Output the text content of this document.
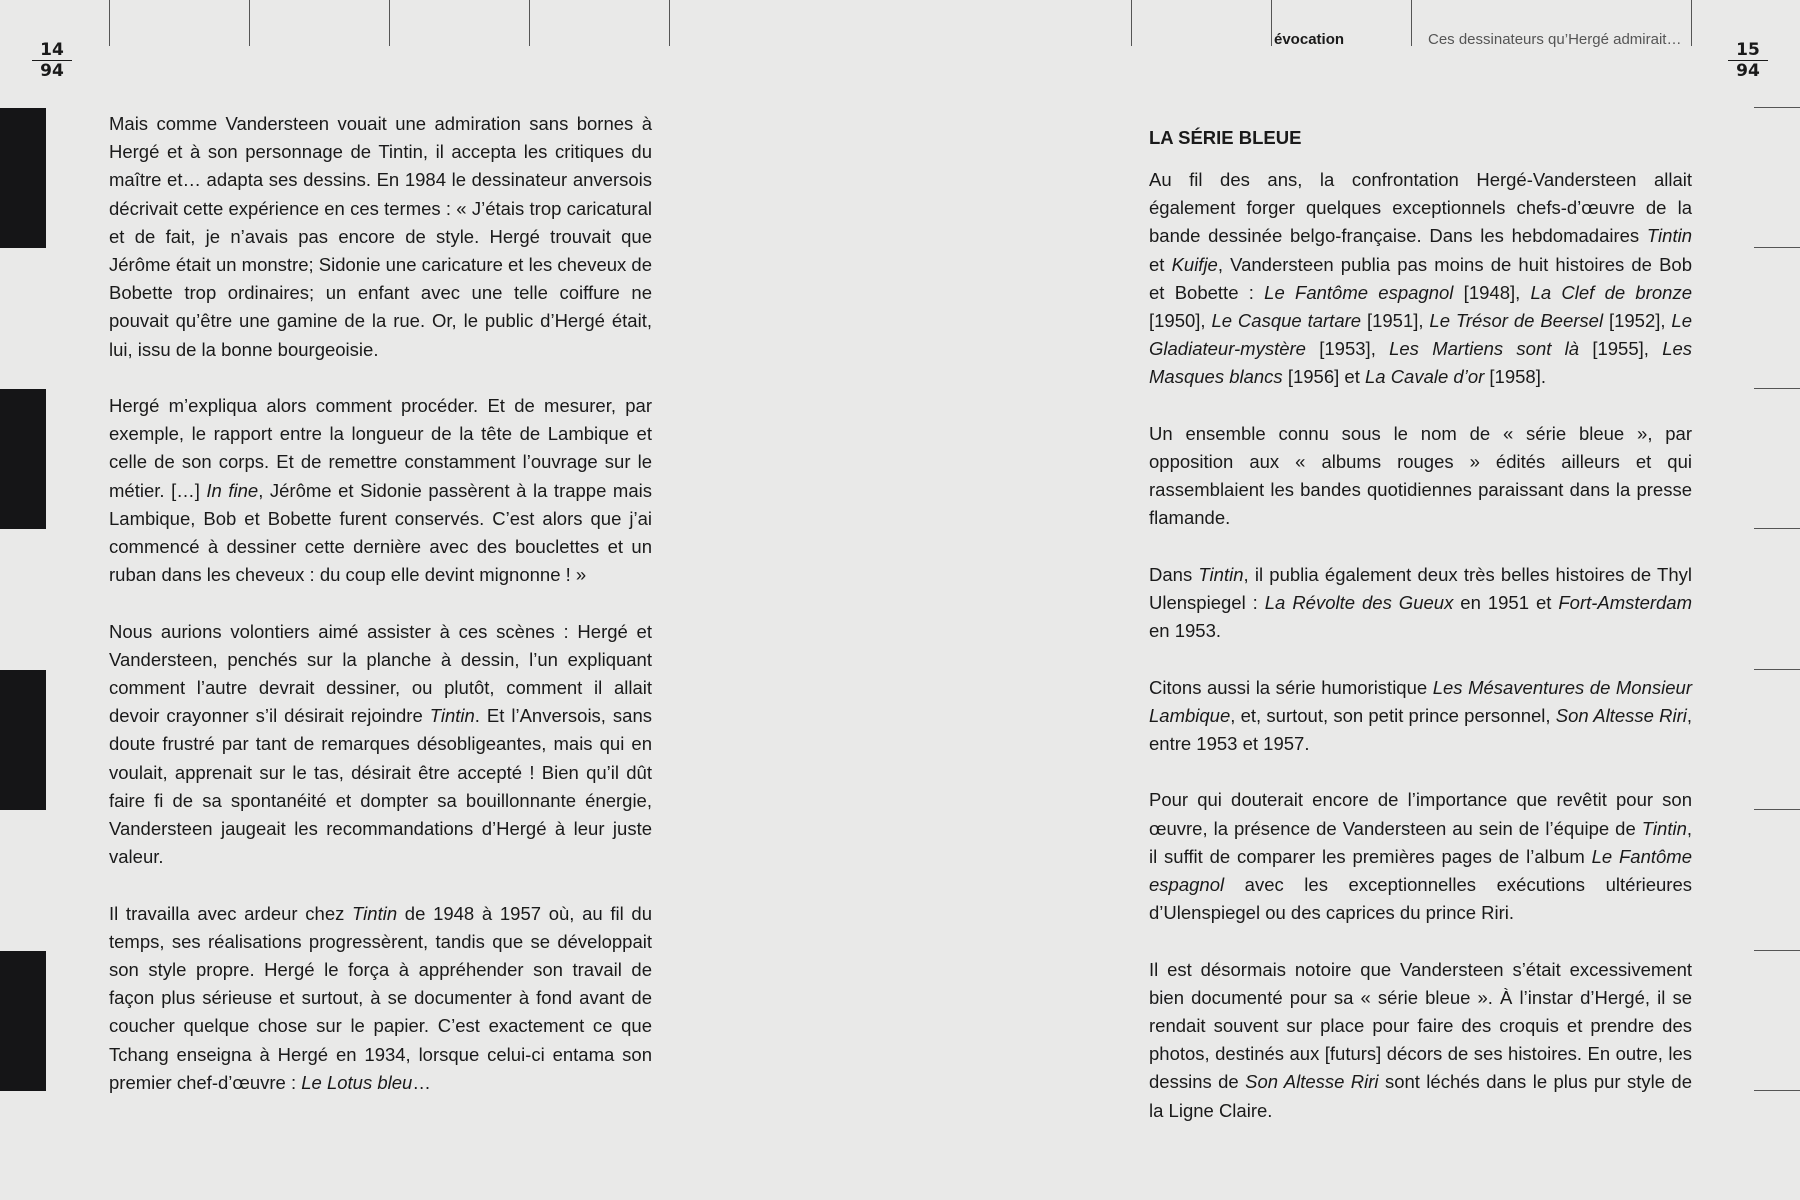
14
94
15
94
évocation	Ces dessinateurs qu’Hergé admirait…

Mais comme Vandersteen vouait une admiration sans bornes à Hergé et à son personnage de Tintin, il accepta les critiques du maître et… adapta ses dessins. En 1984 le dessinateur anversois décrivait cette expérience en ces termes : « J’étais trop caricatural et de fait, je n’avais pas encore de style. Hergé trouvait que Jérôme était un monstre; Sidonie une caricature et les cheveux de Bobette trop ordinaires; un enfant avec une telle coiffure ne pouvait qu’être une gamine de la rue. Or, le public d’Hergé était, lui, issu de la bonne bourgeoisie.

Hergé m’expliqua alors comment procéder. Et de mesurer, par exemple, le rapport entre la longueur de la tête de Lambique et celle de son corps. Et de remettre constamment l’ouvrage sur le métier. […] In fine, Jérôme et Sidonie passèrent à la trappe mais Lambique, Bob et Bobette furent conservés. C’est alors que j’ai commencé à dessiner cette dernière avec des bouclettes et un ruban dans les cheveux : du coup elle devint mignonne ! »

Nous aurions volontiers aimé assister à ces scènes : Hergé et Vandersteen, penchés sur la planche à dessin, l’un expliquant comment l’autre devrait dessiner, ou plutôt, comment il allait devoir crayonner s’il désirait rejoindre Tintin. Et l’Anversois, sans doute frustré par tant de remarques désobligeantes, mais qui en voulait, apprenait sur le tas, désirait être accepté ! Bien qu’il dût faire fi de sa spontanéité et dompter sa bouillonnante énergie, Vandersteen jaugeait les recommandations d’Hergé à leur juste valeur.

Il travailla avec ardeur chez Tintin de 1948 à 1957 où, au fil du temps, ses réalisations progressèrent, tandis que se développait son style propre. Hergé le força à appréhender son travail de façon plus sérieuse et surtout, à se documenter à fond avant de coucher quelque chose sur le papier. C’est exactement ce que Tchang enseigna à Hergé en 1934, lorsque celui-ci entama son premier chef-d’œuvre : Le Lotus bleu…

LA SÉRIE BLEUE

Au fil des ans, la confrontation Hergé-Vandersteen allait également forger quelques exceptionnels chefs-d’œuvre de la bande dessinée belgo-française. Dans les hebdomadaires Tintin et Kuifje, Vandersteen publia pas moins de huit histoires de Bob et Bobette : Le Fantôme espagnol [1948], La Clef de bronze [1950], Le Casque tartare [1951], Le Trésor de Beersel [1952], Le Gladiateur-mystère [1953], Les Martiens sont là [1955], Les Masques blancs [1956] et La Cavale d’or [1958].

Un ensemble connu sous le nom de « série bleue », par opposition aux « albums rouges » édités ailleurs et qui rassemblaient les bandes quotidiennes paraissant dans la presse flamande.

Dans Tintin, il publia également deux très belles histoires de Thyl Ulenspiegel : La Révolte des Gueux en 1951 et Fort-Amsterdam en 1953.

Citons aussi la série humoristique Les Mésaventures de Monsieur Lambique, et, surtout, son petit prince personnel, Son Altesse Riri, entre 1953 et 1957.

Pour qui douterait encore de l’importance que revêtit pour son œuvre, la présence de Vandersteen au sein de l’équipe de Tintin, il suffit de comparer les premières pages de l’album Le Fantôme espagnol avec les exceptionnelles exécutions ultérieures d’Ulenspiegel ou des caprices du prince Riri.

Il est désormais notoire que Vandersteen s’était excessivement bien documenté pour sa « série bleue ». À l’instar d’Hergé, il se rendait souvent sur place pour faire des croquis et prendre des photos, destinés aux [futurs] décors de ses histoires. En outre, les dessins de Son Altesse Riri sont léchés dans le plus pur style de la Ligne Claire.
